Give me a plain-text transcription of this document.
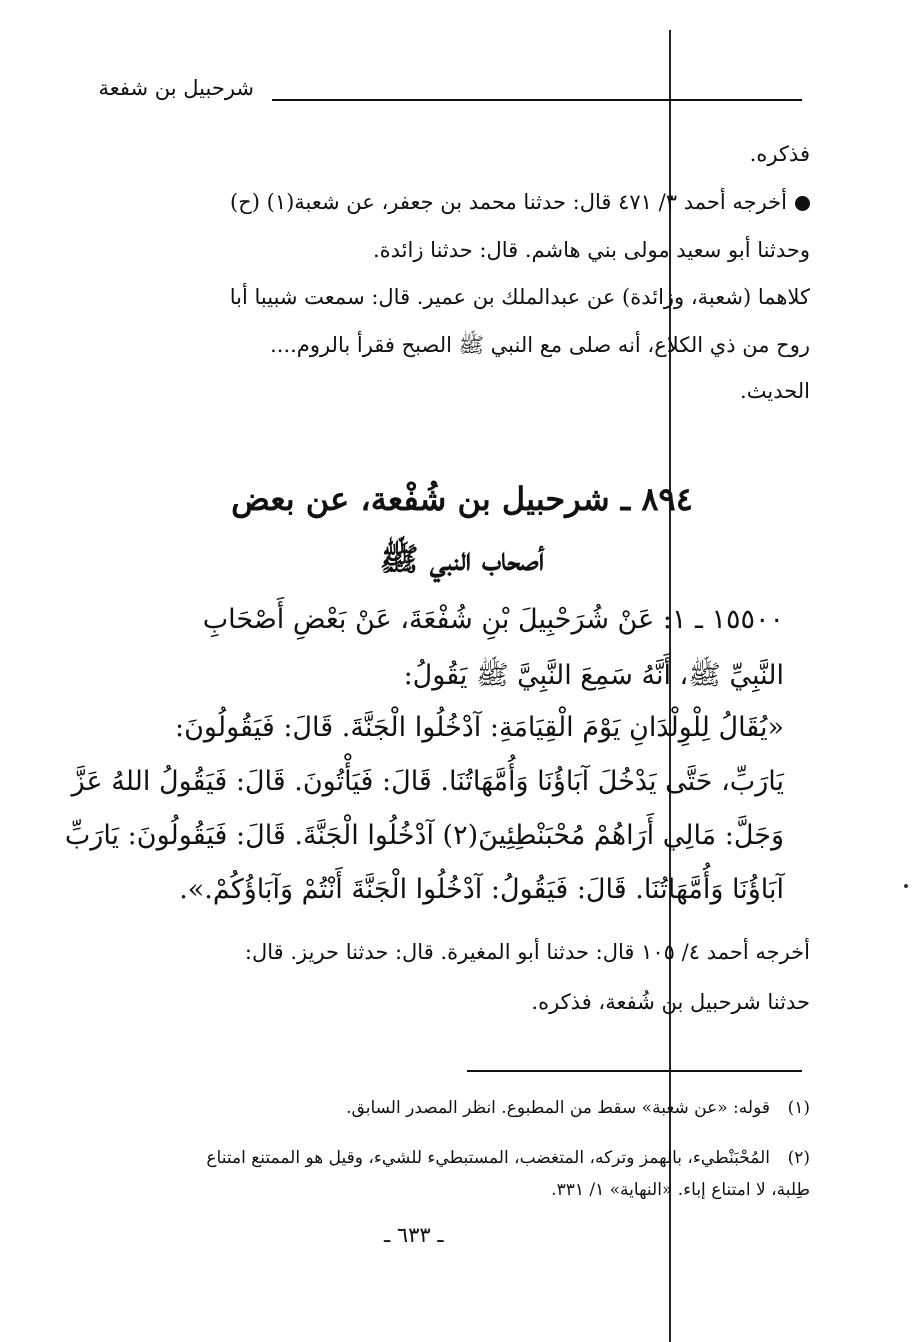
شرحبيل بن شفعة
فذكره.
أخرجه أحمد ٣/ ٤٧١ قال: حدثنا محمد بن جعفر، عن شعبة(١) (ح)
وحدثنا أبو سعيد مولى بني هاشم. قال: حدثنا زائدة.
كلاهما (شعبة، وزائدة) عن عبدالملك بن عمير. قال: سمعت شبيبا أبا
روح من ذي الكلاع، أنه صلى مع النبي ﷺ الصبح فقرأ بالروم....
الحديث.
٨٩٤ ـ شرحبيل بن شُفْعة، عن بعض
أصحاب النبي ﷺ
١٥٥٠٠ ـ ١: عَنْ شُرَحْبِيلَ بْنِ شُفْعَةَ، عَنْ بَعْضِ أَصْحَابِ
النَّبِيِّ ﷺ، أَنَّهُ سَمِعَ النَّبِيَّ ﷺ يَقُولُ:
«يُقَالُ لِلْوِلْدَانِ يَوْمَ الْقِيَامَةِ: آدْخُلُوا الْجَنَّةَ. قَالَ: فَيَقُولُونَ:
يَارَبِّ، حَتَّى يَدْخُلَ آبَاؤُنَا وَأُمَّهَاتُنَا. قَالَ: فَيَأْتُونَ. قَالَ: فَيَقُولُ اللهُ عَزَّ
وَجَلَّ: مَالِي أَرَاهُمْ مُحْبَنْطِئِينَ(٢) آدْخُلُوا الْجَنَّةَ. قَالَ: فَيَقُولُونَ: يَارَبِّ
آبَاؤُنَا وَأُمَّهَاتُنَا. قَالَ: فَيَقُولُ: آدْخُلُوا الْجَنَّةَ أَنْتُمْ وَآبَاؤُكُمْ.».
أخرجه أحمد ٤/ ١٠٥ قال: حدثنا أبو المغيرة. قال: حدثنا حريز. قال:
حدثنا شرحبيل بن شُفعة، فذكره.
(١)قوله: «عن شعبة» سقط من المطبوع. انظر المصدر السابق.
(٢)المُحْبَنْطيء، بالهمز وتركه، المتغضب، المستبطيء للشيء، وقيل هو الممتنع امتناع
طِلبة، لا امتناع إباء. «النهاية» ١/ ٣٣١.
ـ ٦٣٣ ـ
